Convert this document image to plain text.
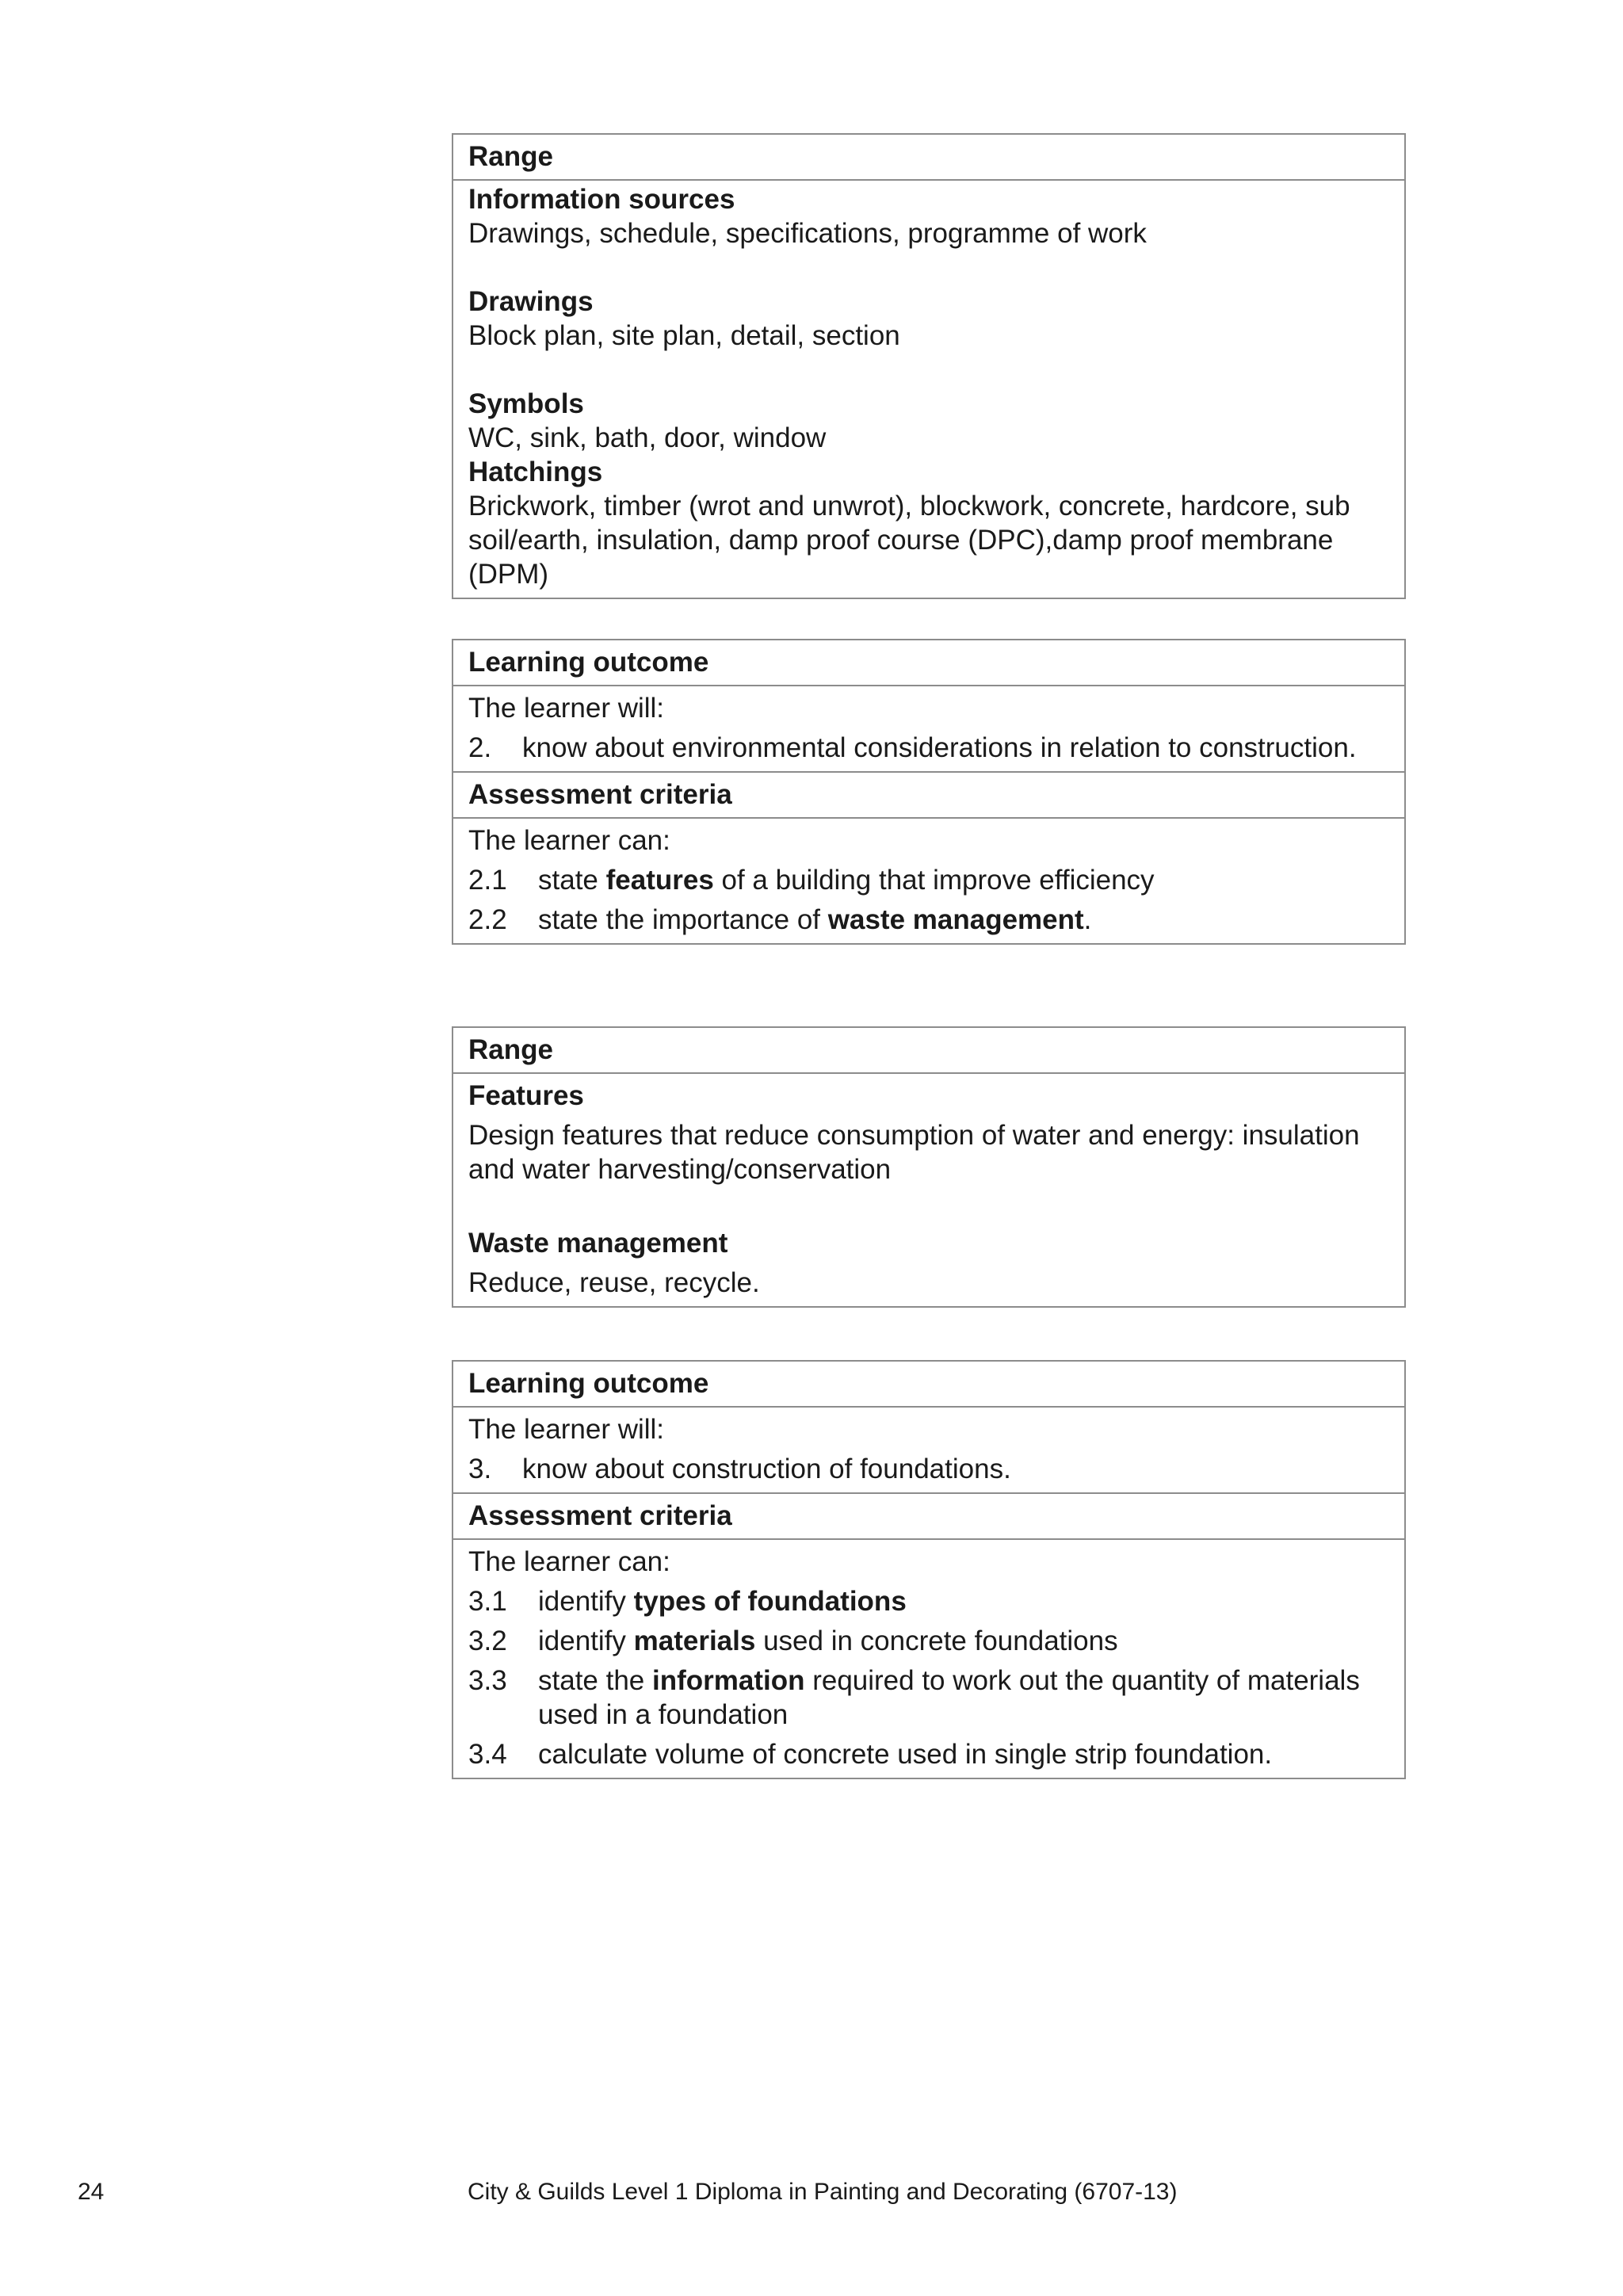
Range
Information sources
Drawings, schedule, specifications, programme of work
Drawings
Block plan, site plan, detail, section
Symbols
WC, sink, bath, door, window
Hatchings
Brickwork, timber (wrot and unwrot), blockwork, concrete, hardcore, sub soil/earth, insulation, damp proof course (DPC),damp proof membrane (DPM)
Learning outcome
The learner will:
2.	know about environmental considerations in relation to construction.
Assessment criteria
The learner can:
2.1	state features of a building that improve efficiency
2.2	state the importance of waste management.
Range
Features
Design features that reduce consumption of water and energy: insulation and water harvesting/conservation
Waste management
Reduce, reuse, recycle.
Learning outcome
The learner will:
3.	know about construction of foundations.
Assessment criteria
The learner can:
3.1	identify types of foundations
3.2	identify materials used in concrete foundations
3.3	state the information required to work out the quantity of materials used in a foundation
3.4	calculate volume of concrete used in single strip foundation.
24	City & Guilds Level 1 Diploma in Painting and Decorating (6707-13)
